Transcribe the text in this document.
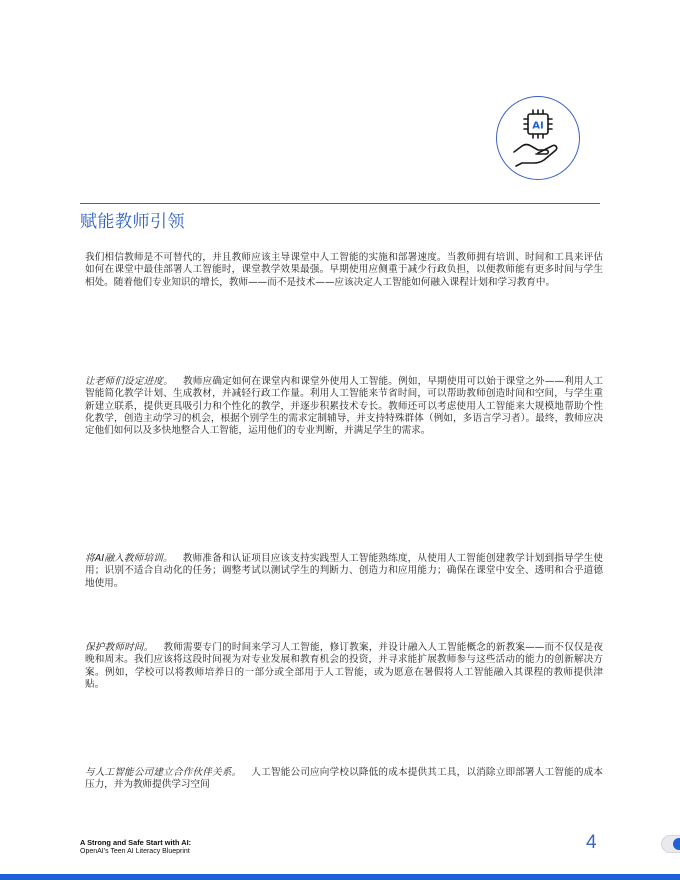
AI
赋能教师引领

我们相信教师是不可替代的，并且教师应该主导课堂中人工智能的实施和部署速度。当教师拥有培训、时间和工具来评估如何在课堂中最佳部署人工智能时，课堂教学效果最强。早期使用应侧重于减少行政负担，以便教师能有更多时间与学生相处。随着他们专业知识的增长，教师——而不是技术——应该决定人工智能如何融入课程计划和学习教育中。

让老师们设定进度。 教师应确定如何在课堂内和课堂外使用人工智能。例如，早期使用可以始于课堂之外——利用人工智能简化教学计划、生成教材，并减轻行政工作量。利用人工智能来节省时间，可以帮助教师创造时间和空间，与学生重新建立联系，提供更具吸引力和个性化的教学，并逐步积累技术专长。教师还可以考虑使用人工智能来大规模地帮助个性化教学，创造主动学习的机会，根据个别学生的需求定制辅导，并支持特殊群体（例如，多语言学习者）。最终，教师应决定他们如何以及多快地整合人工智能，运用他们的专业判断，并满足学生的需求。

将AI融入教师培训。 教师准备和认证项目应该支持实践型人工智能熟练度，从使用人工智能创建教学计划到指导学生使用；识别不适合自动化的任务；调整考试以测试学生的判断力、创造力和应用能力；确保在课堂中安全、透明和合乎道德地使用。

保护教师时间。 教师需要专门的时间来学习人工智能，修订教案，并设计融入人工智能概念的新教案——而不仅仅是夜晚和周末。我们应该将这段时间视为对专业发展和教育机会的投资，并寻求能扩展教师参与这些活动的能力的创新解决方案。例如，学校可以将教师培养日的一部分或全部用于人工智能，或为愿意在暑假将人工智能融入其课程的教师提供津贴。

与人工智能公司建立合作伙伴关系。 人工智能公司应向学校以降低的成本提供其工具，以消除立即部署人工智能的成本压力，并为教师提供学习空间

A Strong and Safe Start with AI:
OpenAI's Teen AI Literacy Blueprint	4
